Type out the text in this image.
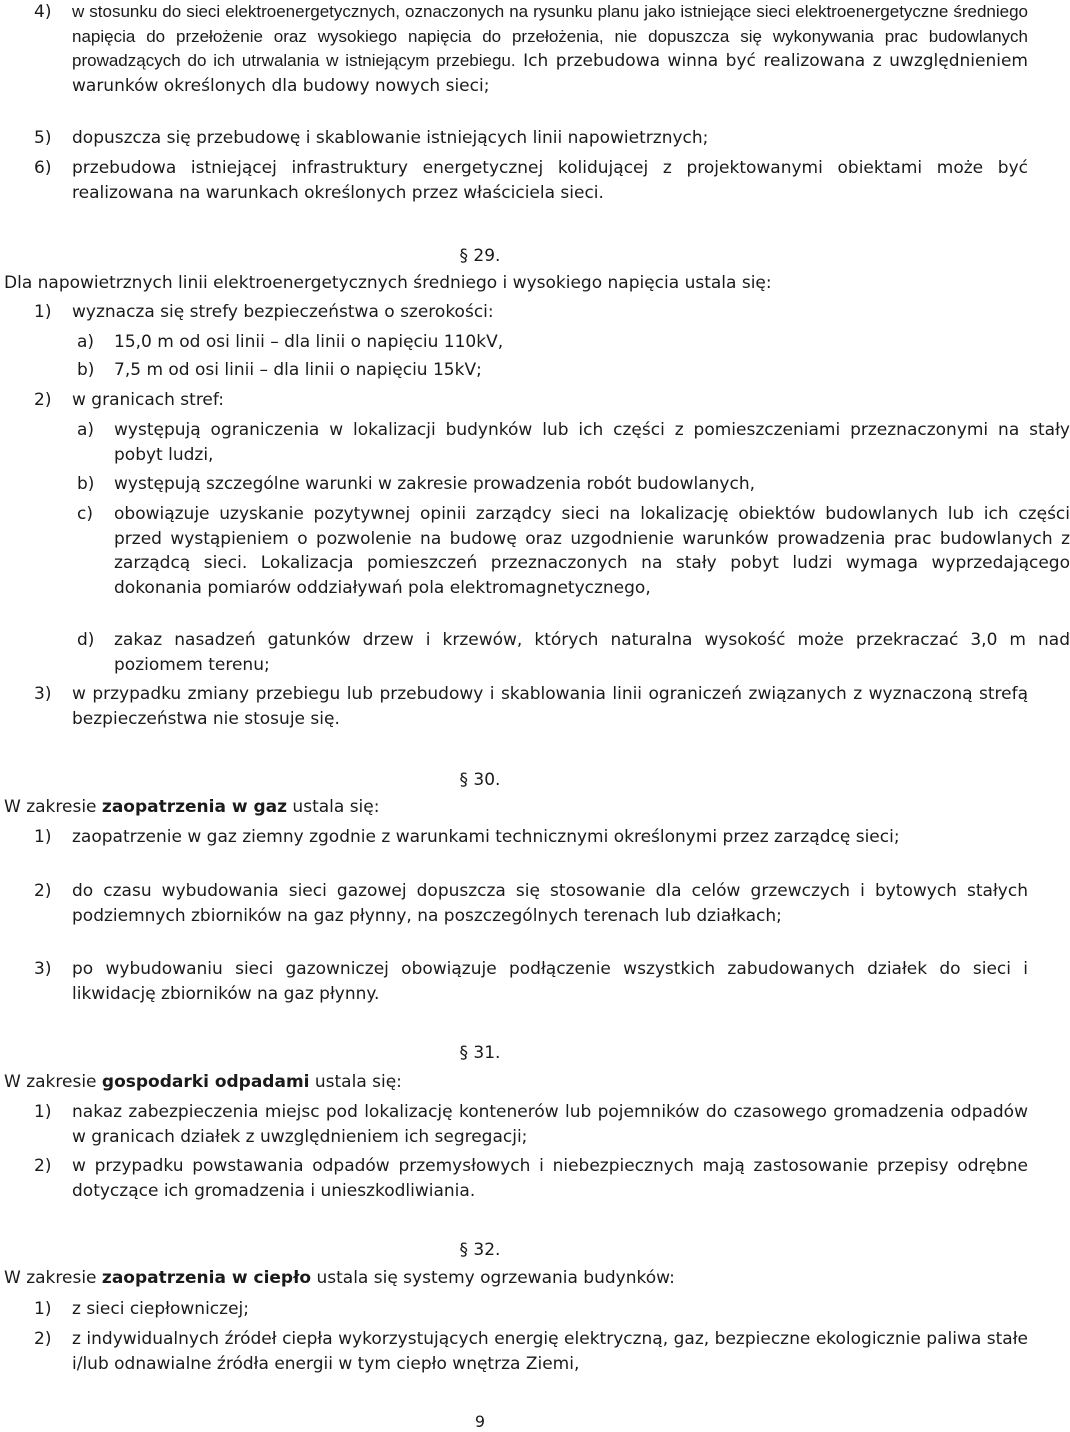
4) w stosunku do sieci elektroenergetycznych, oznaczonych na rysunku planu jako istniejące sieci elektroenergetyczne średniego napięcia do przełożenie oraz wysokiego napięcia do przełożenia, nie dopuszcza się wykonywania prac budowlanych prowadzących do ich utrwalania w istniejącym przebiegu. Ich przebudowa winna być realizowana z uwzględnieniem warunków określonych dla budowy nowych sieci;
5) dopuszcza się przebudowę i skablowanie istniejących linii napowietrznych;
6) przebudowa istniejącej infrastruktury energetycznej kolidującej z projektowanymi obiektami może być realizowana na warunkach określonych przez właściciela sieci.
§ 29.
Dla napowietrznych linii elektroenergetycznych średniego i wysokiego napięcia ustala się:
1) wyznacza się strefy bezpieczeństwa o szerokości:
a) 15,0 m od osi linii – dla linii o napięciu 110kV,
b) 7,5 m od osi linii – dla linii o napięciu 15kV;
2) w granicach stref:
a) występują ograniczenia w lokalizacji budynków lub ich części z pomieszczeniami przeznaczonymi na stały pobyt ludzi,
b) występują szczególne warunki w zakresie prowadzenia robót budowlanych,
c) obowiązuje uzyskanie pozytywnej opinii zarządcy sieci na lokalizację obiektów budowlanych lub ich części przed wystąpieniem o pozwolenie na budowę oraz uzgodnienie warunków prowadzenia prac budowlanych z zarządcą sieci. Lokalizacja pomieszczeń przeznaczonych na stały pobyt ludzi wymaga wyprzedającego dokonania pomiarów oddziaływań pola elektromagnetycznego,
d) zakaz nasadzeń gatunków drzew i krzewów, których naturalna wysokość może przekraczać 3,0 m nad poziomem terenu;
3) w przypadku zmiany przebiegu lub przebudowy i skablowania linii ograniczeń związanych z wyznaczoną strefą bezpieczeństwa nie stosuje się.
§ 30.
W zakresie zaopatrzenia w gaz ustala się:
1) zaopatrzenie w gaz ziemny zgodnie z warunkami technicznymi określonymi przez zarządcę sieci;
2) do czasu wybudowania sieci gazowej dopuszcza się stosowanie dla celów grzewczych i bytowych stałych podziemnych zbiorników na gaz płynny, na poszczególnych terenach lub działkach;
3) po wybudowaniu sieci gazowniczej obowiązuje podłączenie wszystkich zabudowanych działek do sieci i likwidację zbiorników na gaz płynny.
§ 31.
W zakresie gospodarki odpadami ustala się:
1) nakaz zabezpieczenia miejsc pod lokalizację kontenerów lub pojemników do czasowego gromadzenia odpadów w granicach działek z uwzględnieniem ich segregacji;
2) w przypadku powstawania odpadów przemysłowych i niebezpiecznych mają zastosowanie przepisy odrębne dotyczące ich gromadzenia i unieszkodliwiania.
§ 32.
W zakresie zaopatrzenia w ciepło ustala się systemy ogrzewania budynków:
1) z sieci ciepłowniczej;
2) z indywidualnych źródeł ciepła wykorzystujących energię elektryczną, gaz, bezpieczne ekologicznie paliwa stałe i/lub odnawialne źródła energii w tym ciepło wnętrza Ziemi,
9
